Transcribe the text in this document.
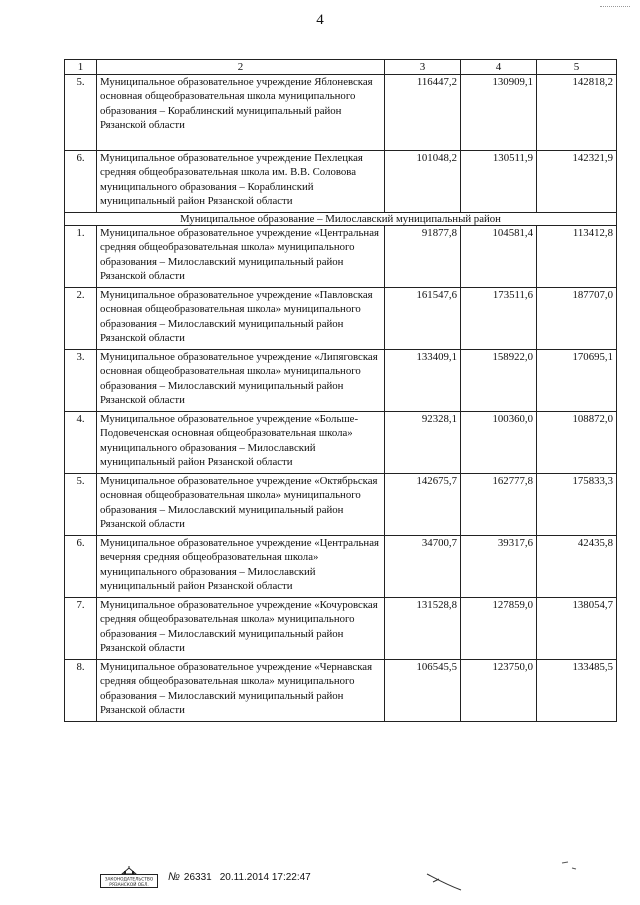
4
1	2	3	4	5
5.	Муниципальное образовательное учреждение Яблоневская основная общеобразовательная школа муниципального образования – Кораблинский муниципальный район Рязанской области	116447,2	130909,1	142818,2
6.	Муниципальное образовательное учреждение Пехлецкая средняя общеобразовательная школа им. В.В. Соловова муниципального образования – Кораблинский муниципальный район Рязанской области	101048,2	130511,9	142321,9
Муниципальное образование – Милославский муниципальный район				
1.	Муниципальное образовательное учреждение «Центральная средняя общеобразовательная школа» муниципального образования – Милославский муниципальный район Рязанской области	91877,8	104581,4	113412,8
2.	Муниципальное образовательное учреждение «Павловская основная общеобразовательная школа» муниципального образования – Милославский муниципальный район Рязанской области	161547,6	173511,6	187707,0
3.	Муниципальное образовательное учреждение «Липяговская основная общеобразовательная школа» муниципального образования – Милославский муниципальный район Рязанской области	133409,1	158922,0	170695,1
4.	Муниципальное образовательное учреждение «Больше-Подовеченская основная общеобразовательная школа» муниципального образования – Милославский муниципальный район Рязанской области	92328,1	100360,0	108872,0
5.	Муниципальное образовательное учреждение «Октябрьская основная общеобразовательная школа» муниципального образования – Милославский муниципальный район Рязанской области	142675,7	162777,8	175833,3
6.	Муниципальное образовательное учреждение «Центральная вечерняя средняя общеобразовательная школа» муниципального образования – Милославский муниципальный район Рязанской области	34700,7	39317,6	42435,8
7.	Муниципальное образовательное учреждение «Кочуровская средняя общеобразовательная школа» муниципального образования – Милославский муниципальный район Рязанской области	131528,8	127859,0	138054,7
8.	Муниципальное образовательное учреждение «Чернавская средняя общеобразовательная школа» муниципального образования – Милославский муниципальный район Рязанской области	106545,5	123750,0	133485,5
ЗАКОНОДАТЕЛЬСТВО
РЯЗАНСКОЙ ОБЛ.
№ 26331 20.11.2014 17:22:47
